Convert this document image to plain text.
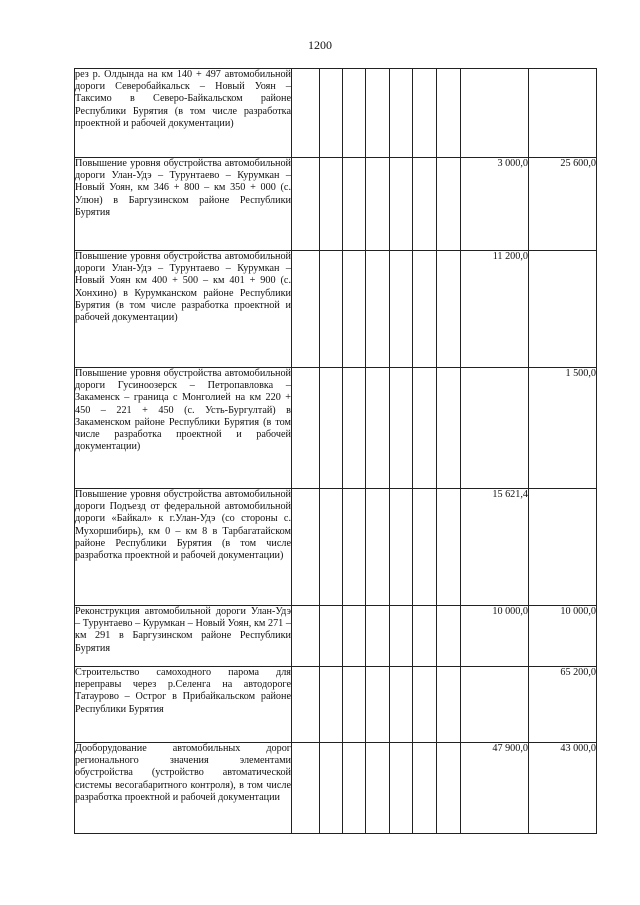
1200
рез р. Олдында на км 140 + 497 автомобильной дороги Северобайкальск – Новый Уоян – Таксимо в Северо-Байкальском районе Республики Бурятия (в том числе разработка проектной и рабочей документации)									
Повышение уровня обустройства автомобильной дороги Улан-Удэ – Турунтаево – Курумкан – Новый Уоян, км 346 + 800 – км 350 + 000 (с. Улюн) в Баргузинском районе Республики Бурятия								3 000,0	25 600,0
Повышение уровня обустройства автомобильной дороги Улан-Удэ – Турунтаево – Курумкан – Новый Уоян км 400 + 500 – км 401 + 900 (с. Хонхино) в Курумканском районе Республики Бурятия (в том числе разработка проектной и рабочей документации)								11 200,0	
Повышение уровня обустройства автомобильной дороги Гусиноозерск – Петропавловка – Закаменск – граница с Монголией на км 220 + 450 – 221 + 450 (с. Усть-Бургултай) в Закаменском районе Республики Бурятия (в том числе разработка проектной и рабочей документации)									1 500,0
Повышение уровня обустройства автомобильной дороги Подъезд от федеральной автомобильной дороги «Байкал» к г.Улан-Удэ (со стороны с. Мухоршибирь), км 0 – км 8 в Тарбагатайском районе Республики Бурятия (в том числе разработка проектной и рабочей документации)								15 621,4	
Реконструкция автомобильной дороги Улан-Удэ – Турунтаево – Курумкан – Новый Уоян, км 271 – км 291 в Баргузинском районе Республики Бурятия								10 000,0	10 000,0
Строительство самоходного парома для переправы через р.Селенга на автодороге Татаурово – Острог в Прибайкальском районе Республики Бурятия									65 200,0
Дооборудование автомобильных дорог регионального значения элементами обустройства (устройство автоматической системы весогабаритного контроля), в том числе разработка проектной и рабочей документации								47 900,0	43 000,0
